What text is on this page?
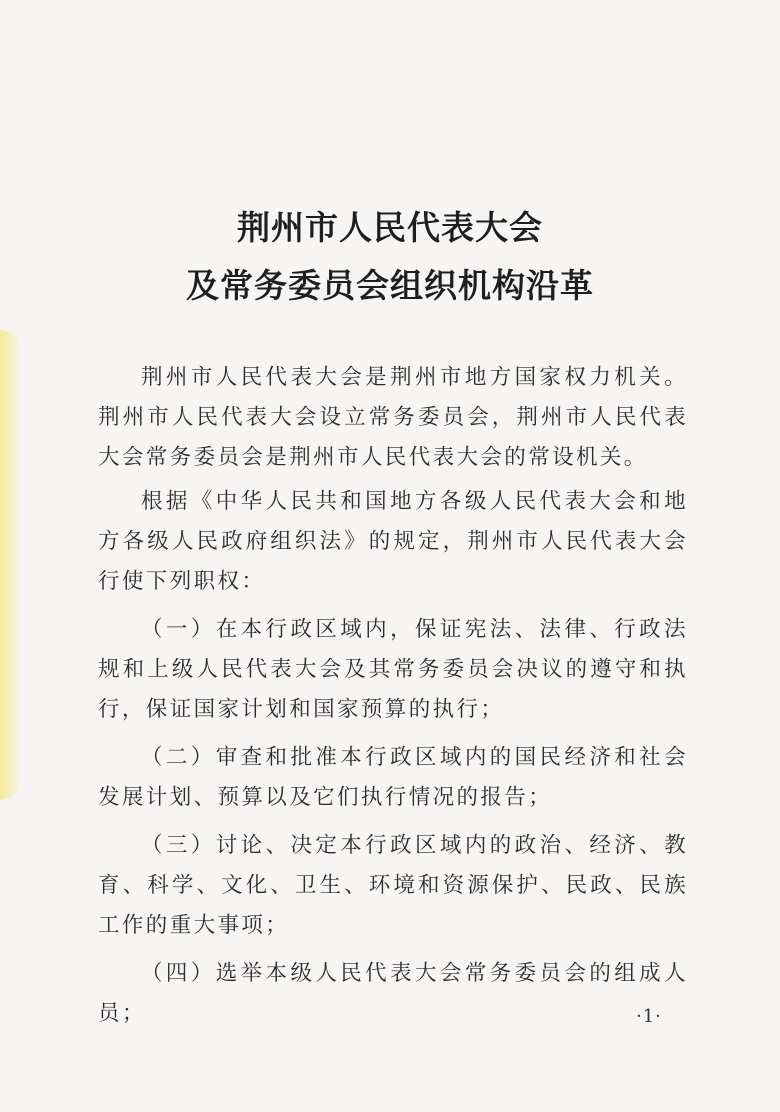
荆州市人民代表大会
及常务委员会组织机构沿革

荆州市人民代表大会是荆州市地方国家权力机关。荆州市人民代表大会设立常务委员会，荆州市人民代表大会常务委员会是荆州市人民代表大会的常设机关。

根据《中华人民共和国地方各级人民代表大会和地方各级人民政府组织法》的规定，荆州市人民代表大会行使下列职权：

（一）在本行政区域内，保证宪法、法律、行政法规和上级人民代表大会及其常务委员会决议的遵守和执行，保证国家计划和国家预算的执行；

（二）审查和批准本行政区域内的国民经济和社会发展计划、预算以及它们执行情况的报告；

（三）讨论、决定本行政区域内的政治、经济、教育、科学、文化、卫生、环境和资源保护、民政、民族工作的重大事项；

（四）选举本级人民代表大会常务委员会的组成人员；	·1·
